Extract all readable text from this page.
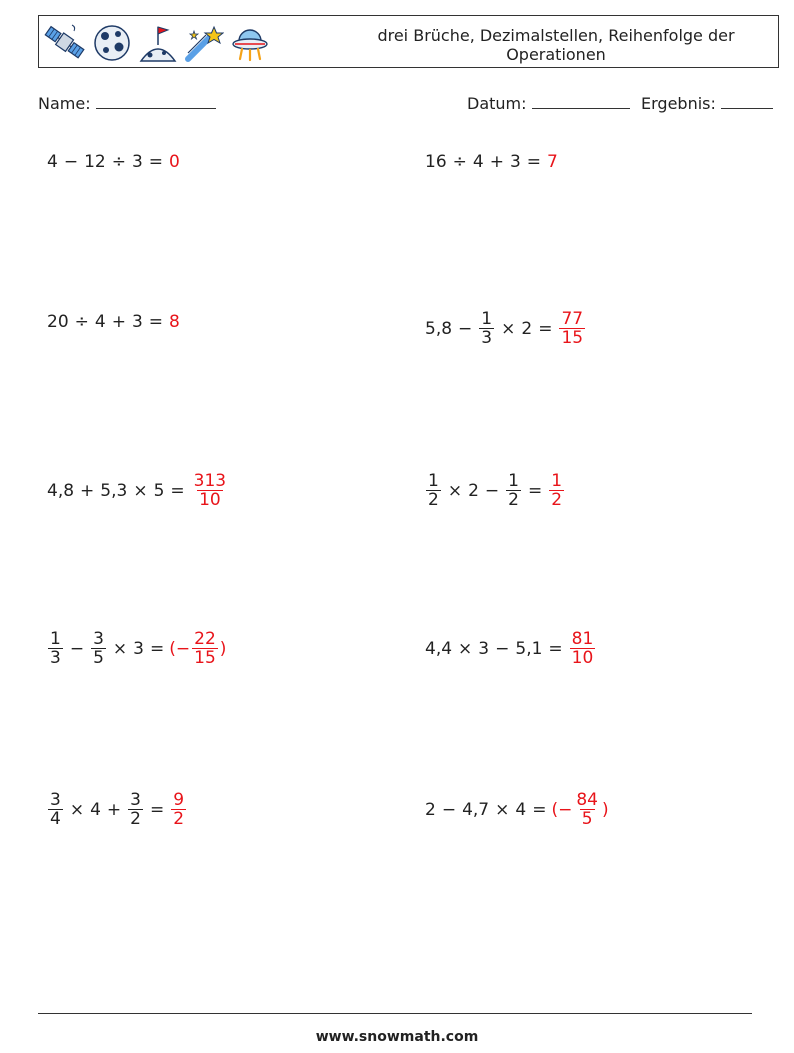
drei Brüche, Dezimalstellen, Reihenfolge der Operationen
Name:	Datum:	Ergebnis:
4 − 12 ÷ 3 = 0	16 ÷ 4 + 3 = 7
20 ÷ 4 + 3 = 8	$5,8 - \frac{1}{3} \times 2 = \frac{77}{15}$
$4,8 + 5,3 \times 5 = \frac{313}{10}$	$\frac{1}{2} \times 2 - \frac{1}{2} = \frac{1}{2}$
$\frac{1}{3} - \frac{3}{5} \times 3$ = (− $\frac{22}{15}$ )	$4,4 \times 3 - 5,1 = \frac{81}{10}$
$\frac{3}{4} \times 4 + \frac{3}{2} = \frac{9}{2}$	2 − 4,7 × 4 = (− $\frac{84}{5}$ )
www.snowmath.com
